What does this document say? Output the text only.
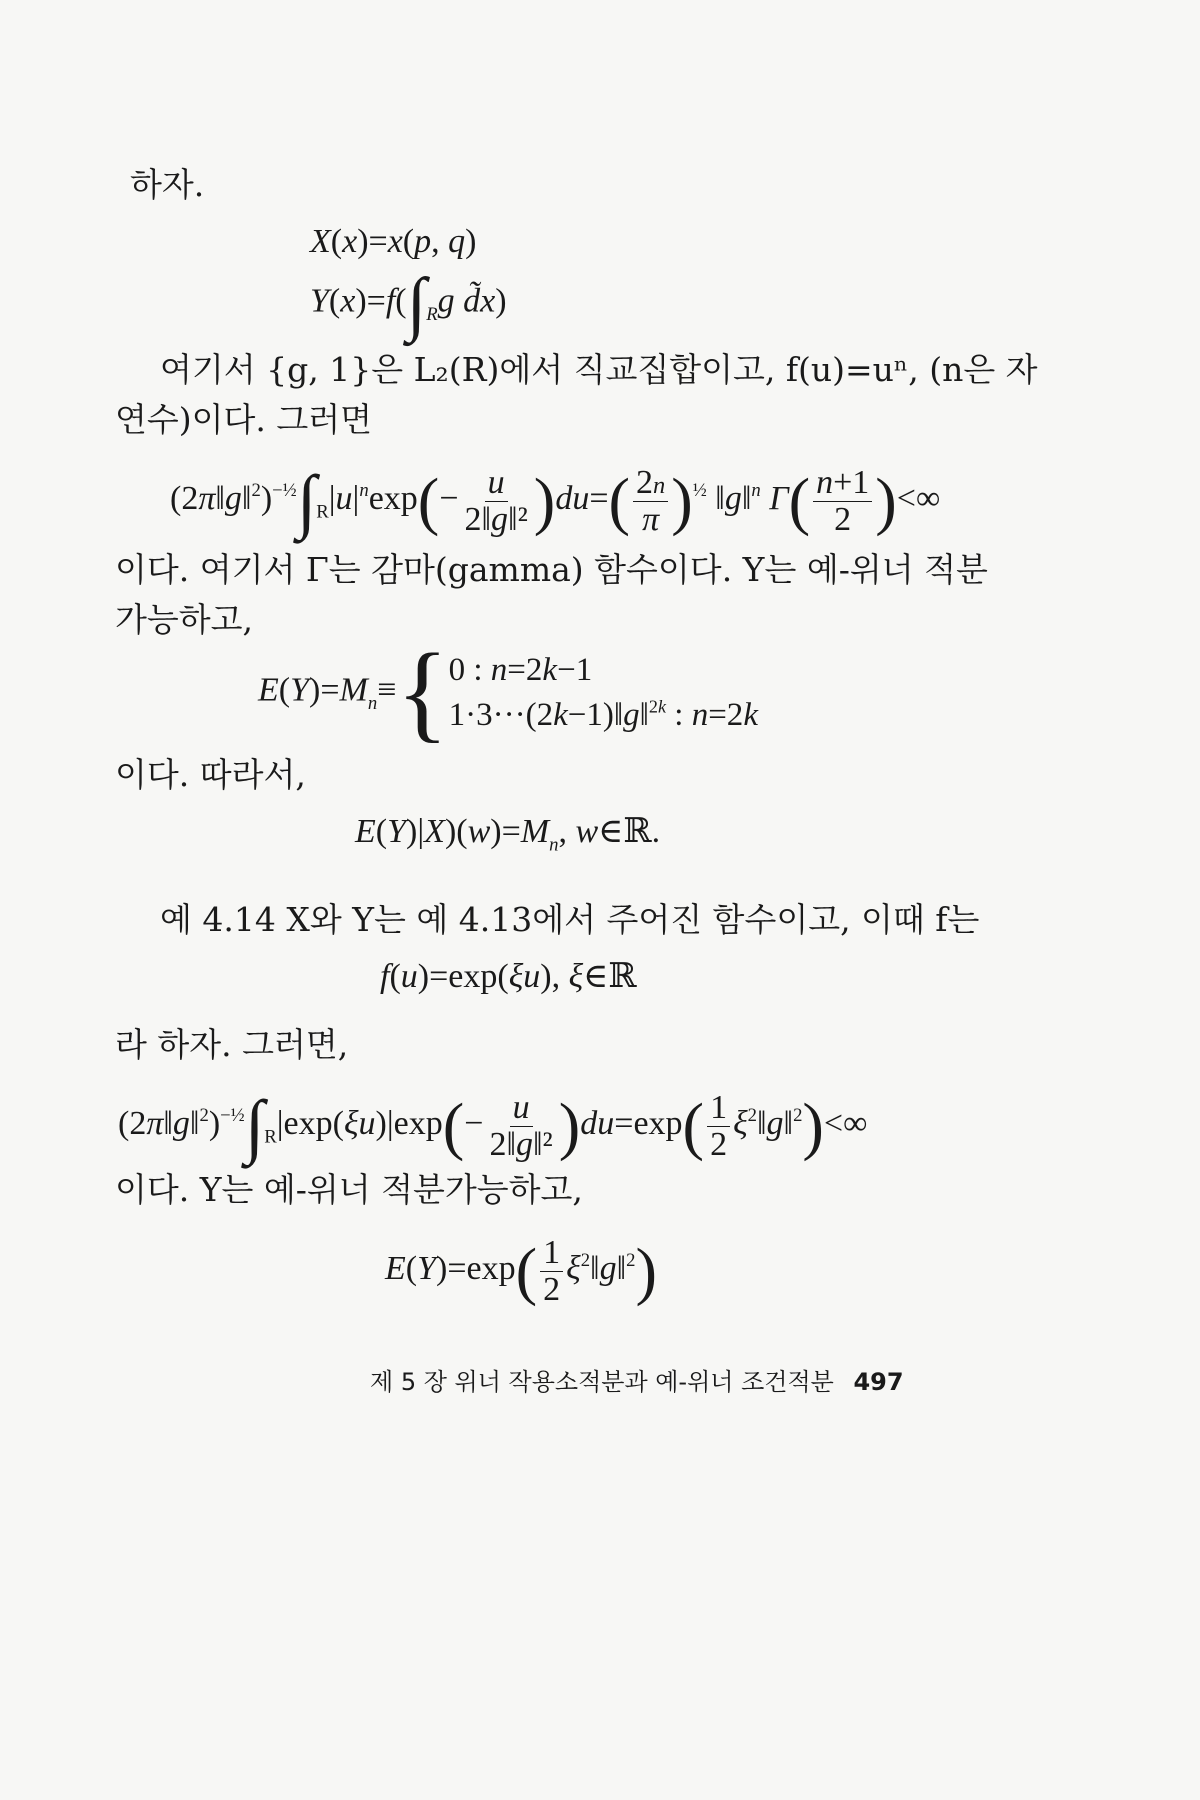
하자.
X(x)=x(p, q)
$Y(x)=f(\int_Rg$ d̃x)
여기서 {g, 1}은 L₂(R)에서 직교집합이고, f(u)=uⁿ, (n은 자
연수)이다. 그러면
$(2\pi‖g‖^2)^{-\frac{1}{2}}\int_R|u|^n\exp(- \frac{u}{\text{2‖g‖²}} )du=( \frac{2n}{\pi} )^{\frac{1}{2}}$ ‖g‖$^n$ $\Gamma( \frac{n+1}{2}$ )<∞
이다. 여기서 Γ는 감마(gamma) 함수이다. Y는 예-위너 적분
가능하고,
$E(Y)=M_n\equiv${ 0 : n=2k−1
1·3···(2k−1)‖g‖$^{2k}$ : n=2k
이다. 따라서,
$E(Y)|X)(w)=M_n$, w∈ℝ.
예 4.14 X와 Y는 예 4.13에서 주어진 함수이고, 이때 f는
f(u)=exp(ξu), ξ∈ℝ
라 하자. 그러면,
$(2\pi‖g‖^2)^{-\frac{1}{2}}\int_R|\exp(\xi u)|\exp(- \frac{u}{\text{2‖g‖²}} )du=\exp( \frac{1}{2}$ $\xi^2‖g‖^2)<\infty$
이다. Y는 예-위너 적분가능하고,
$E(Y)=\exp( \frac{1}{2}$ $\xi^2‖g‖^2$)
제 5 장 위너 작용소적분과 예-위너 조건적분 497
